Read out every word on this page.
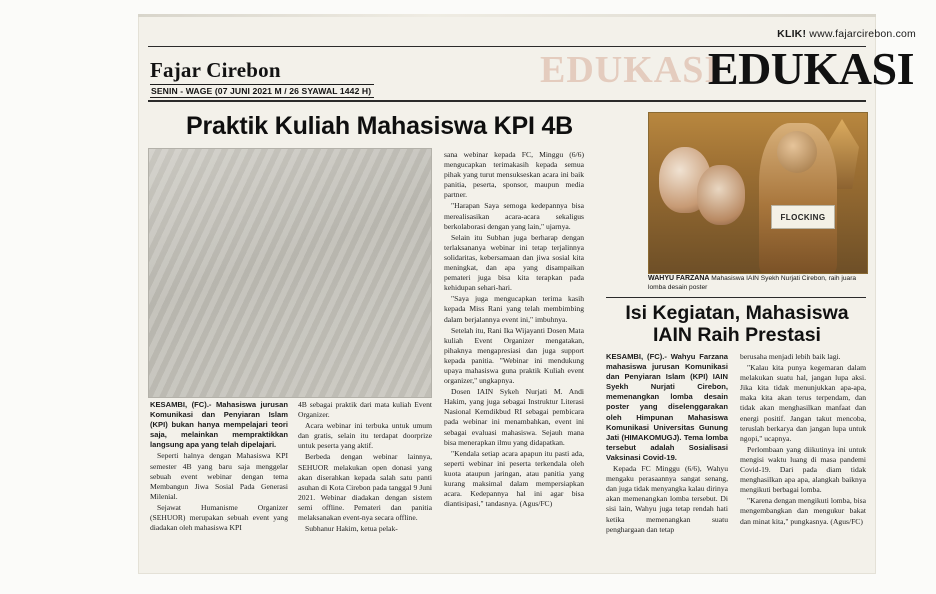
KLIK! www.fajarcirebon.com
EDUKASI
Fajar Cirebon
SENIN - WAGE (07 JUNI 2021 M / 26 SYAWAL 1442 H)	EDUKASI
Praktik Kuliah Mahasiswa KPI 4B
FLOCKING
WAHYU FARZANA Mahasiswa IAIN Syekh Nurjati Cirebon, raih juara lomba desain poster
Isi Kegiatan, Mahasiswa IAIN Raih Prestasi

KESAMBI, (FC).- Mahasiswa jurusan Komunikasi dan Penyiaran Islam (KPI) bukan hanya mempelajari teori saja, melainkan mempraktikkan langsung apa yang telah dipelajari.

Seperti halnya dengan Mahasiswa KPI semester 4B yang baru saja menggelar sebuah event webinar dengan tema Membangun Jiwa Sosial Pada Generasi Milenial.

Sejawat Humanisme Organizer (SEHUOR) merupakan sebuah event yang diadakan oleh mahasiswa KPI

4B sebagai praktik dari mata kuliah Event Organizer.

Acara webinar ini terbuka untuk umum dan gratis, selain itu terdapat doorprize untuk peserta yang aktif.

Berbeda dengan webinar lainnya, SEHUOR melakukan open donasi yang akan diserahkan kepada salah satu panti asuhan di Kota Cirebon pada tanggal 9 Juni 2021. Webinar diadakan dengan sistem semi offline. Pemateri dan panitia melaksanakan event-nya secara offline.

Subhanur Hakim, ketua pelak-

sana webinar kepada FC, Minggu (6/6) mengucapkan terimakasih kepada semua pihak yang turut mensukseskan acara ini baik panitia, peserta, sponsor, maupun media partner.

"Harapan Saya semoga kedepannya bisa merealisasikan acara-acara sekaligus berkolaborasi dengan yang lain," ujarnya.

Selain itu Subhan juga berharap dengan terlaksananya webinar ini tetap terjalinnya solidaritas, kebersamaan dan jiwa sosial kita meningkat, dan apa yang disampaikan pemateri juga bisa kita terapkan pada kehidupan sehari-hari.

"Saya juga mengucapkan terima kasih kepada Miss Rani yang telah membimbing dalam berjalannya event ini," imbuhnya.

Setelah itu, Rani Ika Wijayanti Dosen Mata kuliah Event Organizer mengatakan, pihaknya mengapresiasi dan juga support kepada panitia. "Webinar ini mendukung upaya mahasiswa guna praktik Kuliah event organizer," ungkapnya.

Dosen IAIN Sykeh Nurjati M. Andi Hakim, yang juga sebagai Instruktur Literasi Nasional Kemdikbud RI sebagai pembicara pada webinar ini menambahkan, event ini sebagai evaluasi mahasiswa. Sejauh mana bisa menerapkan ilmu yang didapatkan.

"Kendala setiap acara apapun itu pasti ada, seperti webinar ini peserta terkendala oleh kuota ataupun jaringan, atau panitia yang kurang maksimal dalam mempersiapkan acara. Kedepannya hal ini agar bisa diantisipasi," tandasnya. (Agus/FC)

KESAMBI, (FC).- Wahyu Farzana mahasiswa jurusan Komunikasi dan Penyiaran Islam (KPI) IAIN Syekh Nurjati Cirebon, memenangkan lomba desain poster yang diselenggarakan oleh Himpunan Mahasiswa Komunikasi Universitas Gunung Jati (HIMAKOMUGJ). Tema lomba tersebut adalah Sosialisasi Vaksinasi Covid-19.

Kepada FC Minggu (6/6), Wahyu mengaku perasaannya sangat senang, dan juga tidak menyangka kalau dirinya akan memenangkan lomba tersebut. Di sisi lain, Wahyu juga tetap rendah hati ketika memenangkan suatu penghargaan dan tetap

berusaha menjadi lebih baik lagi.

"Kalau kita punya kegemaran dalam melakukan suatu hal, jangan lupa aksi. Jika kita tidak menunjukkan apa-apa, maka kita akan terus terpendam, dan tidak akan menghasilkan manfaat dan energi positif. Jangan takut mencoba, teruslah berkarya dan jangan lupa untuk ngopi," ucapnya.

Perlombaan yang diikutinya ini untuk mengisi waktu luang di masa pandemi Covid-19. Dari pada diam tidak menghasilkan apa apa, alangkah baiknya mengikuti berbagai lomba.

"Karena dengan mengikuti lomba, bisa mengembangkan dan mengukur bakat dan minat kita," pungkasnya. (Agus/FC)
